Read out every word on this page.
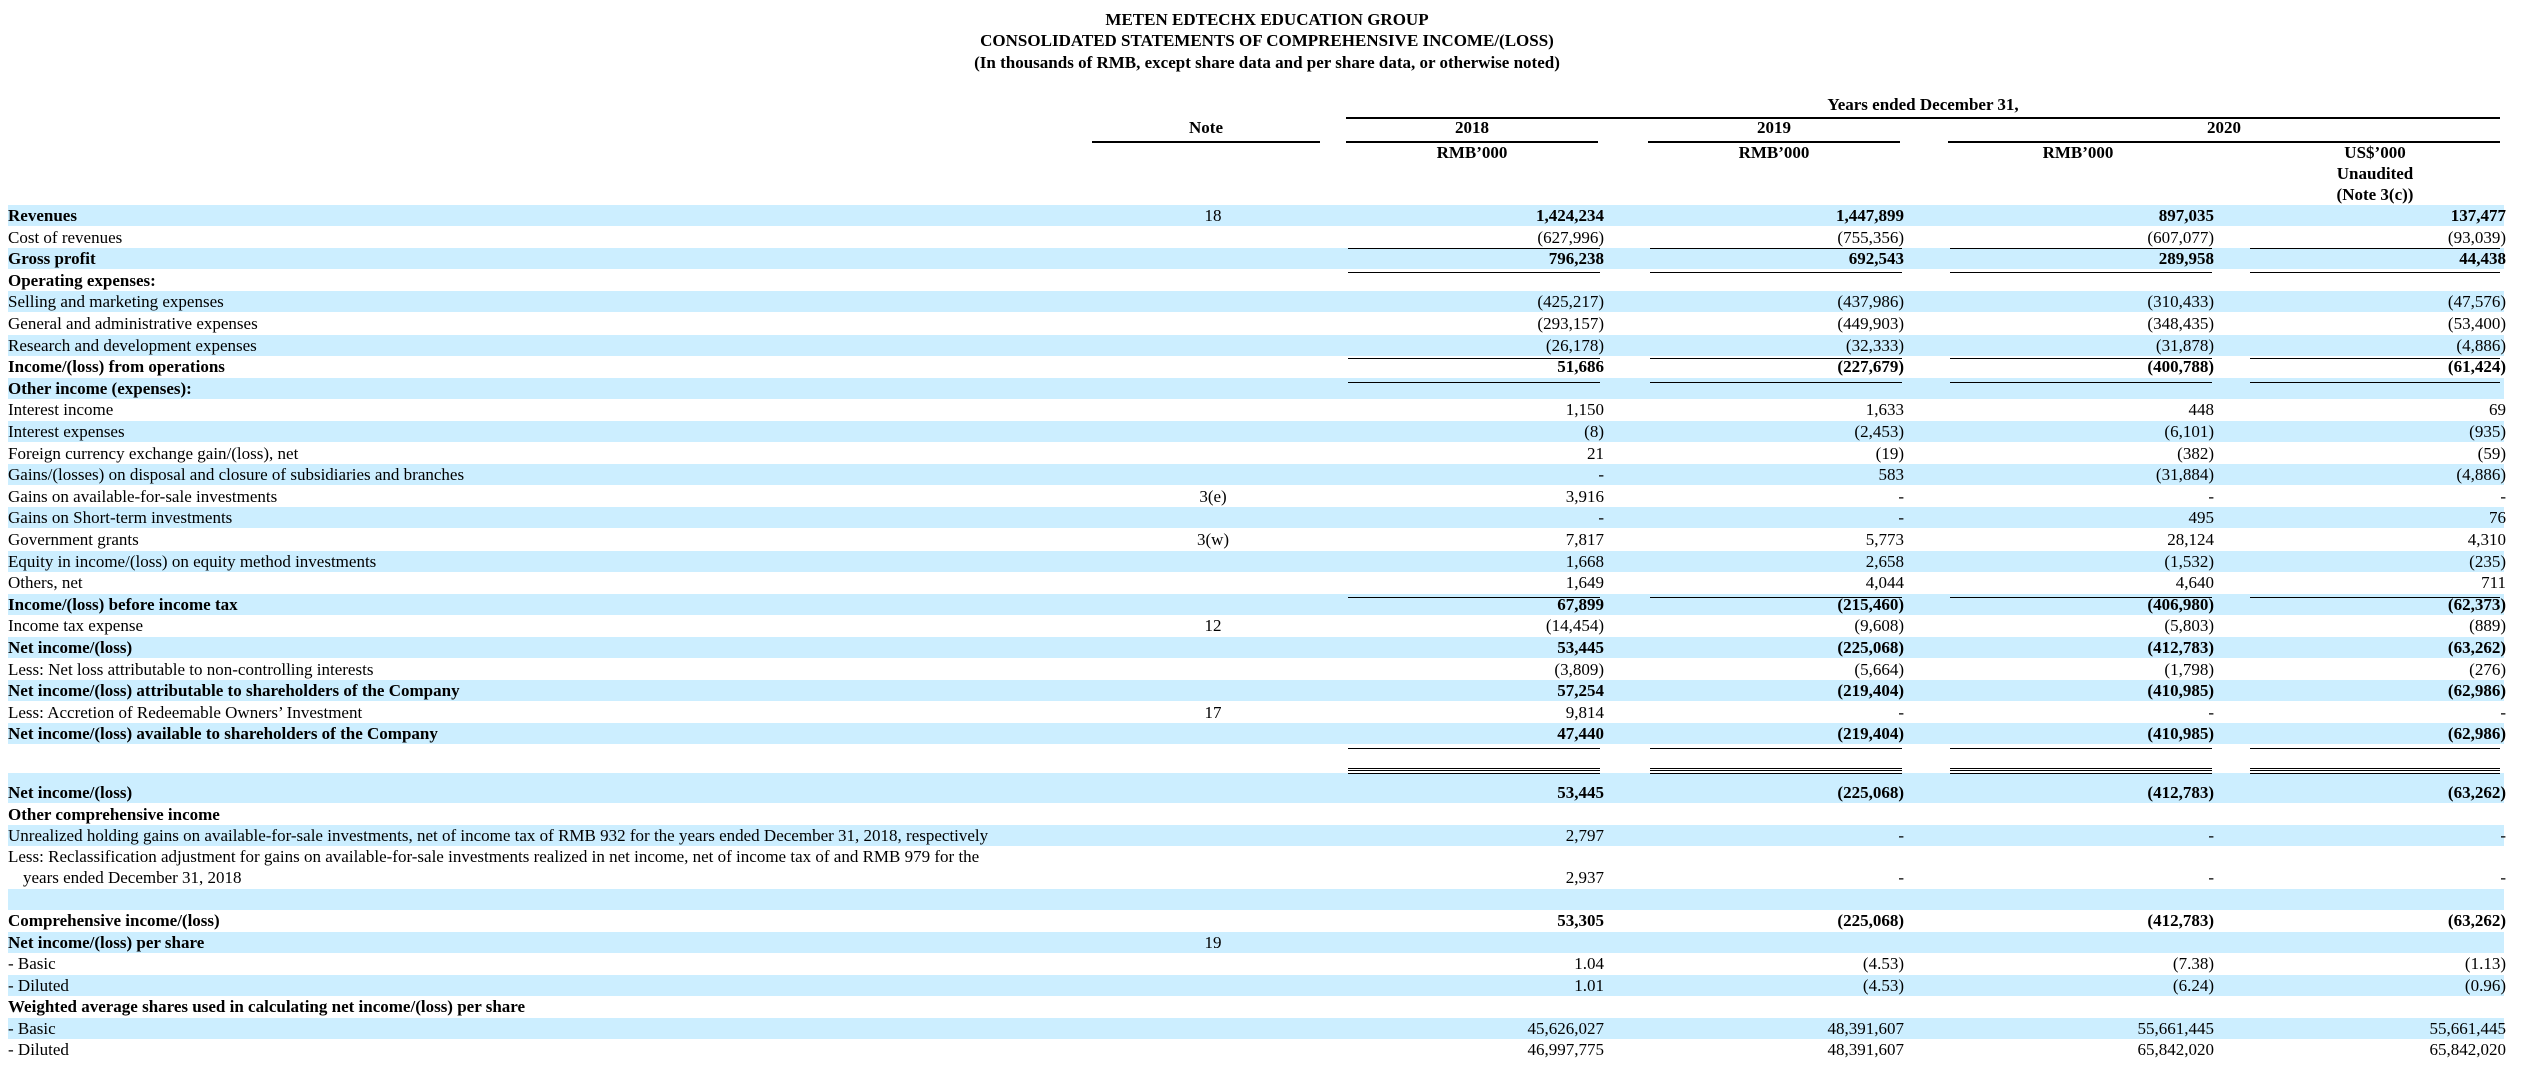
METEN EDTECHX EDUCATION GROUP
CONSOLIDATED STATEMENTS OF COMPREHENSIVE INCOME/(LOSS)
(In thousands of RMB, except share data and per share data, or otherwise noted)
Years ended December 31,
Note	2018	2019	2020
RMB’000	RMB’000	RMB’000	US$’000
Unaudited
(Note 3(c))
Revenues	18	1,424,234	1,447,899	897,035	137,477
Cost of revenues	(627,996)	(755,356)	(607,077)	(93,039)
Gross profit	796,238	692,543	289,958	44,438
Operating expenses:
Selling and marketing expenses	(425,217)	(437,986)	(310,433)	(47,576)
General and administrative expenses	(293,157)	(449,903)	(348,435)	(53,400)
Research and development expenses	(26,178)	(32,333)	(31,878)	(4,886)
Income/(loss) from operations	51,686	(227,679)	(400,788)	(61,424)
Other income (expenses):
Interest income	1,150	1,633	448	69
Interest expenses	(8)	(2,453)	(6,101)	(935)
Foreign currency exchange gain/(loss), net	21	(19)	(382)	(59)
Gains/(losses) on disposal and closure of subsidiaries and branches	-	583	(31,884)	(4,886)
Gains on available-for-sale investments	3(e)	3,916	-	-	-
Gains on Short-term investments	-	-	495	76
Government grants	3(w)	7,817	5,773	28,124	4,310
Equity in income/(loss) on equity method investments	1,668	2,658	(1,532)	(235)
Others, net	1,649	4,044	4,640	711
Income/(loss) before income tax	67,899	(215,460)	(406,980)	(62,373)
Income tax expense	12	(14,454)	(9,608)	(5,803)	(889)
Net income/(loss)	53,445	(225,068)	(412,783)	(63,262)
Less: Net loss attributable to non-controlling interests	(3,809)	(5,664)	(1,798)	(276)
Net income/(loss) attributable to shareholders of the Company	57,254	(219,404)	(410,985)	(62,986)
Less: Accretion of Redeemable Owners’ Investment	17	9,814	-	-	-
Net income/(loss) available to shareholders of the Company	47,440	(219,404)	(410,985)	(62,986)
Net income/(loss)	53,445	(225,068)	(412,783)	(63,262)
Other comprehensive income
Unrealized holding gains on available-for-sale investments, net of income tax of RMB 932 for the years ended December 31, 2018, respectively	2,797	-	-	-
Less: Reclassification adjustment for gains on available-for-sale investments realized in net income, net of income tax of and RMB 979 for the
years ended December 31, 2018	2,937	-	-	-
Comprehensive income/(loss)	53,305	(225,068)	(412,783)	(63,262)
Net income/(loss) per share	19
- Basic	1.04	(4.53)	(7.38)	(1.13)
- Diluted	1.01	(4.53)	(6.24)	(0.96)
Weighted average shares used in calculating net income/(loss) per share
- Basic	45,626,027	48,391,607	55,661,445	55,661,445
- Diluted	46,997,775	48,391,607	65,842,020	65,842,020
